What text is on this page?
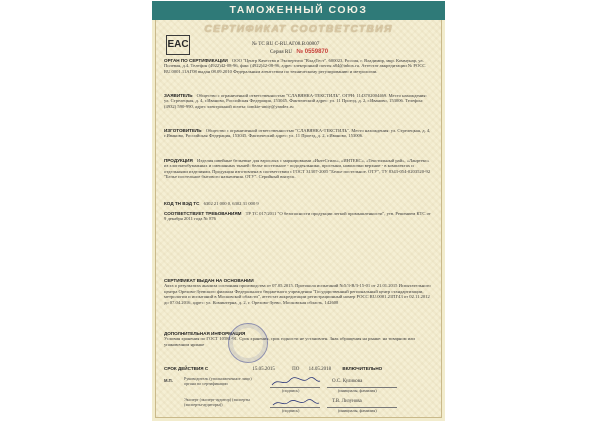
ТАМОЖЕННЫЙ СОЮЗ
СЕРТИФИКАТ СООТВЕТСТВИЯ
EAC	№ ТС RU C-RU.АГ08.В.00807
Серия RU № 0559870
ОРГАН ПО СЕРТИФИКАЦИИ ООО "Центр Качества и Экспертиза "ВладТест". 600023, Россия, г. Владимир, мкр. Коммунар, ул. Полевая, д.4. Телефон (4922)42-08-96, факс (4922)42-08-96, адрес электронной почты a84@inbox.ru. Аттестат аккредитации № РОСС RU.0001.11АГ08 выдан 08.09.2010 Федеральным агентством по техническому регулированию и метрологии.
ЗАЯВИТЕЛЬ Общество с ограниченной ответственностью "СЛАВЯНКА-ТЕКСТИЛЬ". ОГРН: 1143702004469. Место нахождения: ул. Стрелецкая, д. 4, г.Иваново, Российская Федерация, 153045. Фактический адрес: ул. 11 Проезд, д. 2, г.Иваново, 153006. Телефон: (4932) 590-990, адрес электронной почты: tomkie-unity@yandex.ru
ИЗГОТОВИТЕЛЬ Общество с ограниченной ответственностью "СЛАВЯНКА-ТЕКСТИЛЬ". Место нахождения: ул. Стрелецкая, д. 4, г.Иваново, Российская Федерация, 153045. Фактический адрес: ул. 11 Проезд, д. 2, г.Иваново, 153006.
ПРОДУКЦИЯ Изделия швейные бельевые для взрослых с маркировками «ИнтеСтиль», «ИНТЕКС», «Текстильный рай», «Ланртекс» из хлопчатобумажных и смешанных тканей: белье постельное - пододеяльники, простыни, наволочки верхние - в комплектах и отдельными изделиями. Продукция изготовлена в соответствии с ГОСТ 31307-2005 "Белье постельное. ОТУ", ТУ 8343-054-0203520-92 "Белье постельное бытового назначения. ОТУ". Серийный выпуск.
КОД ТН ВЭД ТС 6302 21 000 0, 6302 31 000 9
СООТВЕТСТВУЕТ ТРЕБОВАНИЯМ ТР ТС 017/2011 "О безопасности продукции легкой промышленности", утв. Решением КТС от 9 декабря 2011 года № 876
СЕРТИФИКАТ ВЫДАН НА ОСНОВАНИИ
Акта о результатах анализа состояния производства от 07.05.2015. Протокола испытаний №5/3-В/3-15-01 от 21.01.2015 Испытательного центра Орехово-Зуевского филиала Федерального бюджетного учреждения "Государственный региональный центр стандартизации, метрологии и испытаний в Московской области", аттестат аккредитации регистрационный номер РОСС RU.0001.21ПГ43 от 02.11.2012 до 07.04.2016, адрес: ул. Коминтерна, д. 2, г. Орехово-Зуево, Московская область, 142608
ДОПОЛНИТЕЛЬНАЯ ИНФОРМАЦИЯ
Условия хранения по ГОСТ 10581-91. Срок хранения, срок годности не установлен. Знак обращения на рынке: на товарном или упаковочном ярлыке
СРОК ДЕЙСТВИЯ С	15.05.2015	ПО 14.05.2018 ВКЛЮЧИТЕЛЬНО
М.П.	Руководитель (уполномоченное лицо) органа по сертификации
(подпись)
О.С. Куликова
(инициалы, фамилия)
Эксперт (эксперт-аудитор) (эксперты (эксперты-аудиторы))
(подпись)
Т.В. Лизунова
(инициалы, фамилия)
